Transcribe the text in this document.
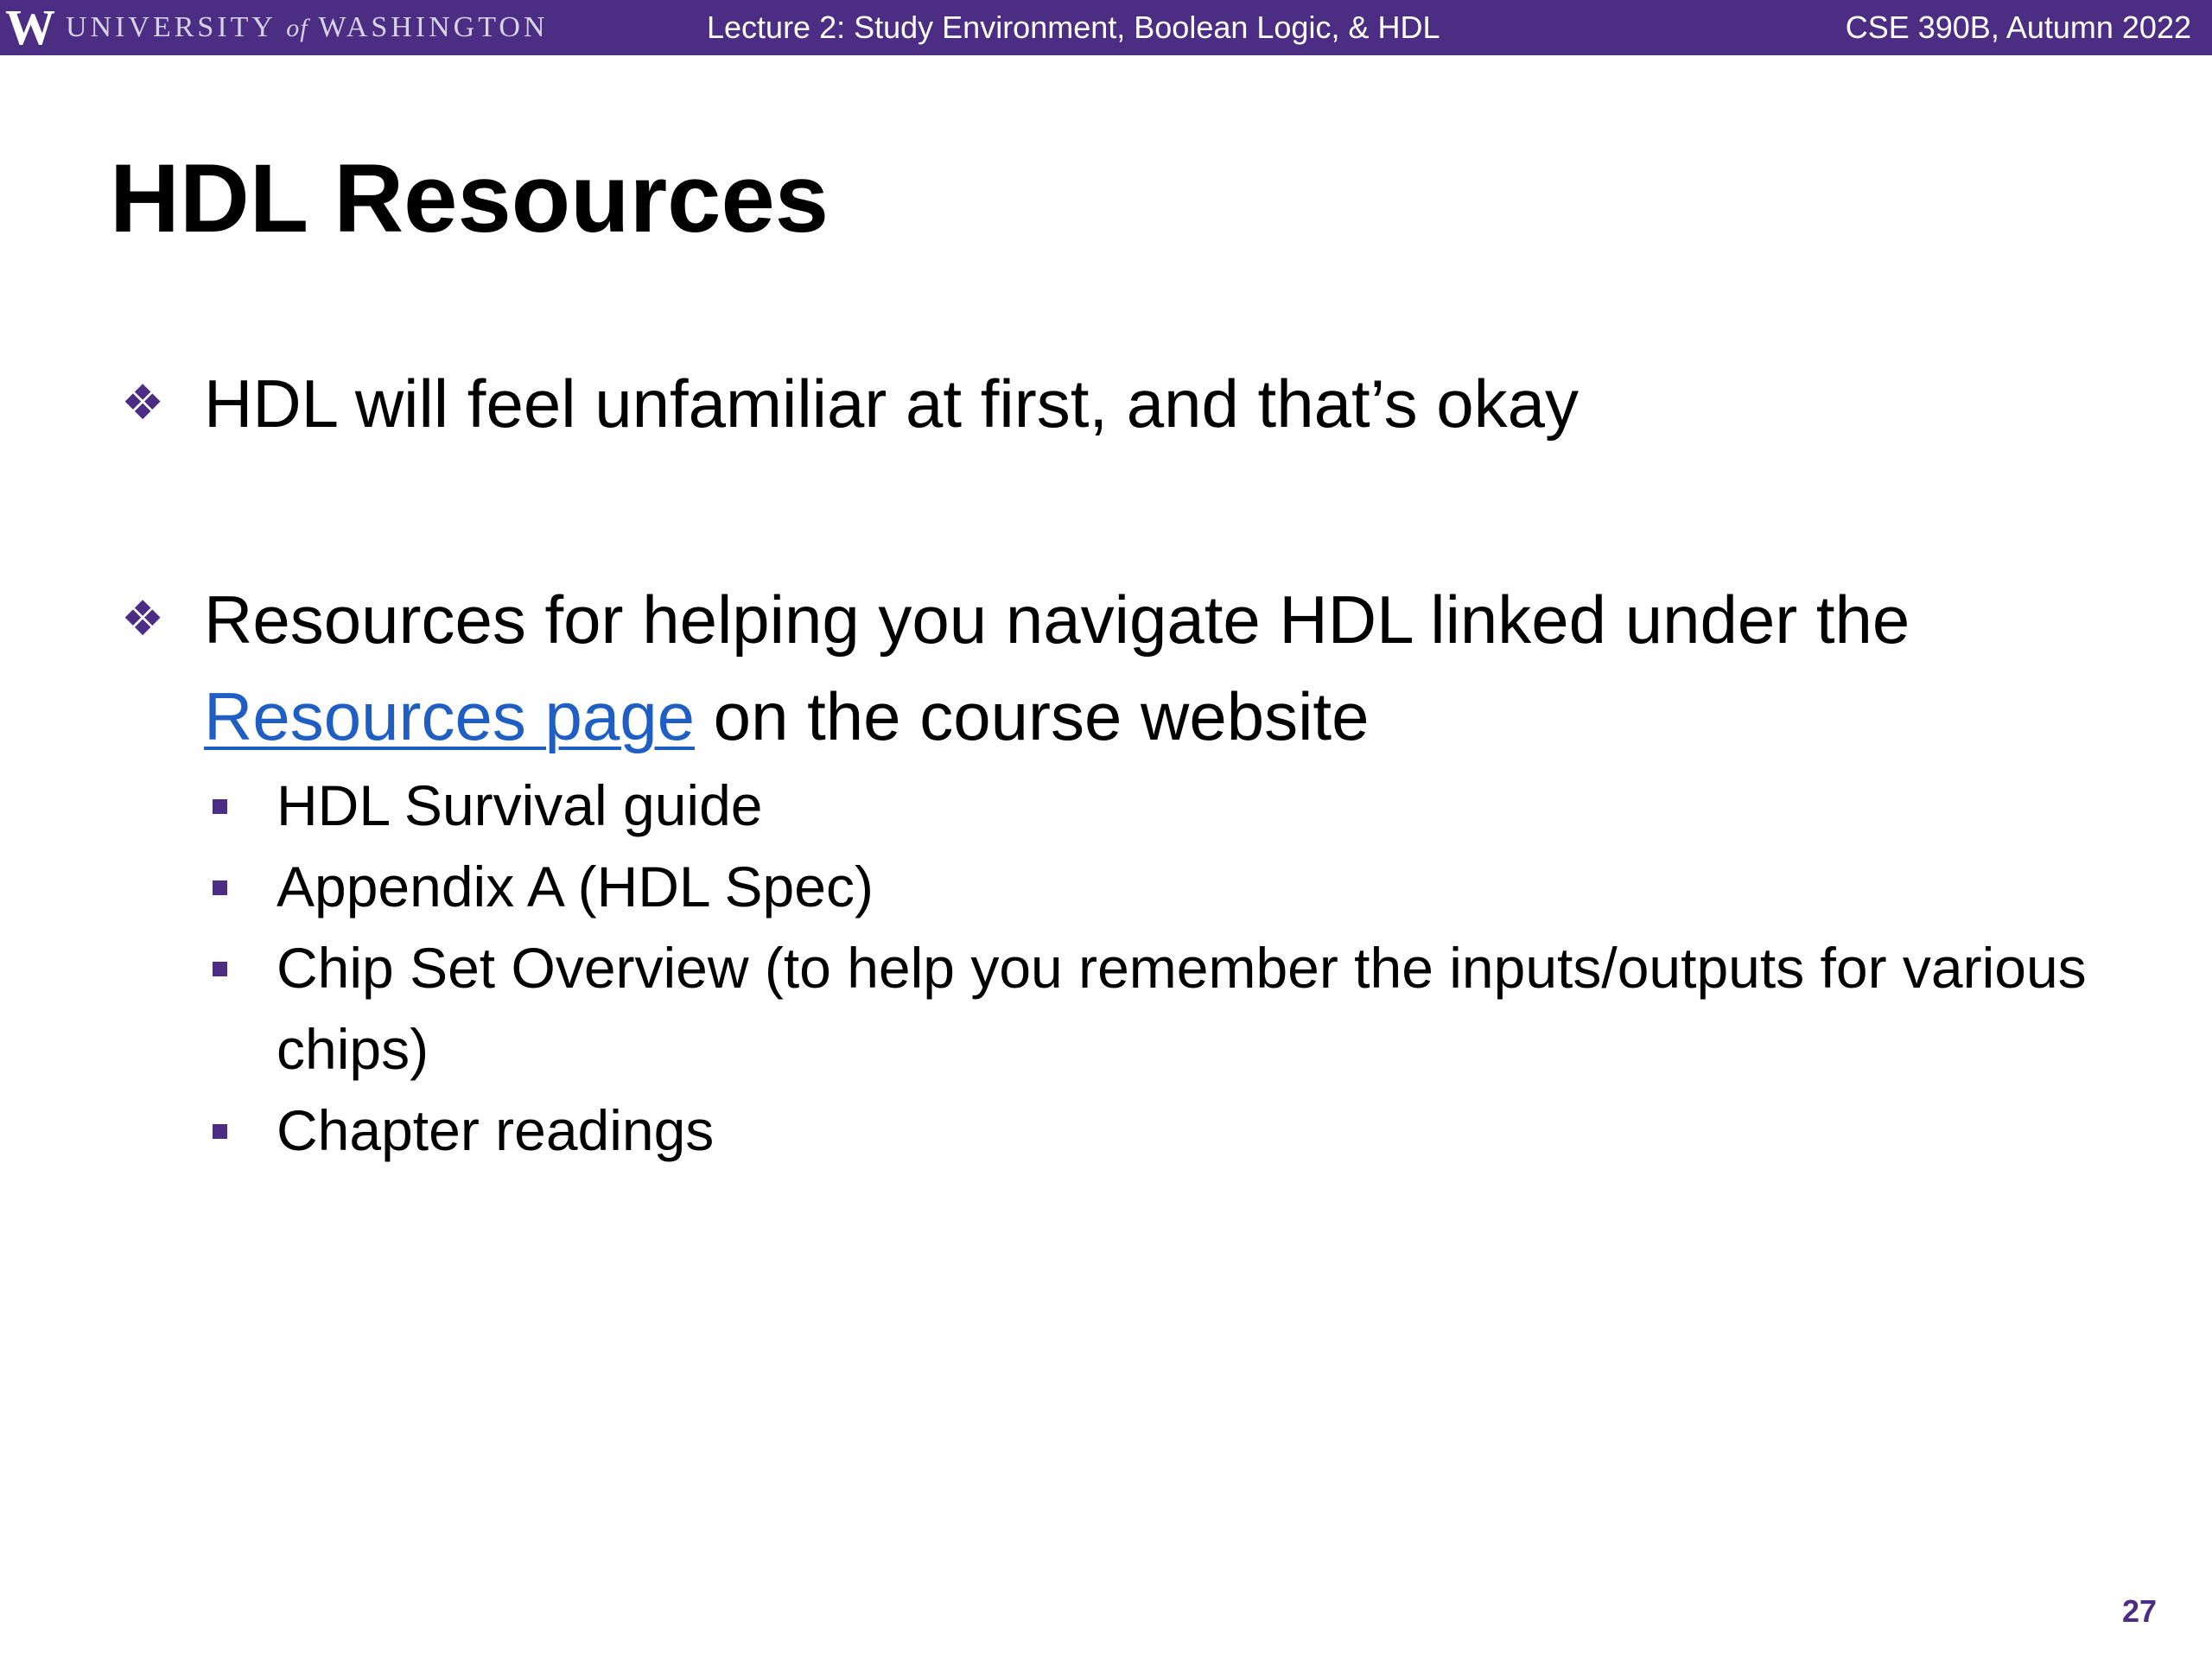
W UNIVERSITY of WASHINGTON	Lecture 2: Study Environment, Boolean Logic, & HDL	CSE 390B, Autumn 2022
HDL Resources
❖ HDL will feel unfamiliar at first, and that’s okay
❖ Resources for helping you navigate HDL linked under the
Resources page on the course website
HDL Survival guide
Appendix A (HDL Spec)
Chip Set Overview (to help you remember the inputs/outputs for various chips)
Chapter readings
27
